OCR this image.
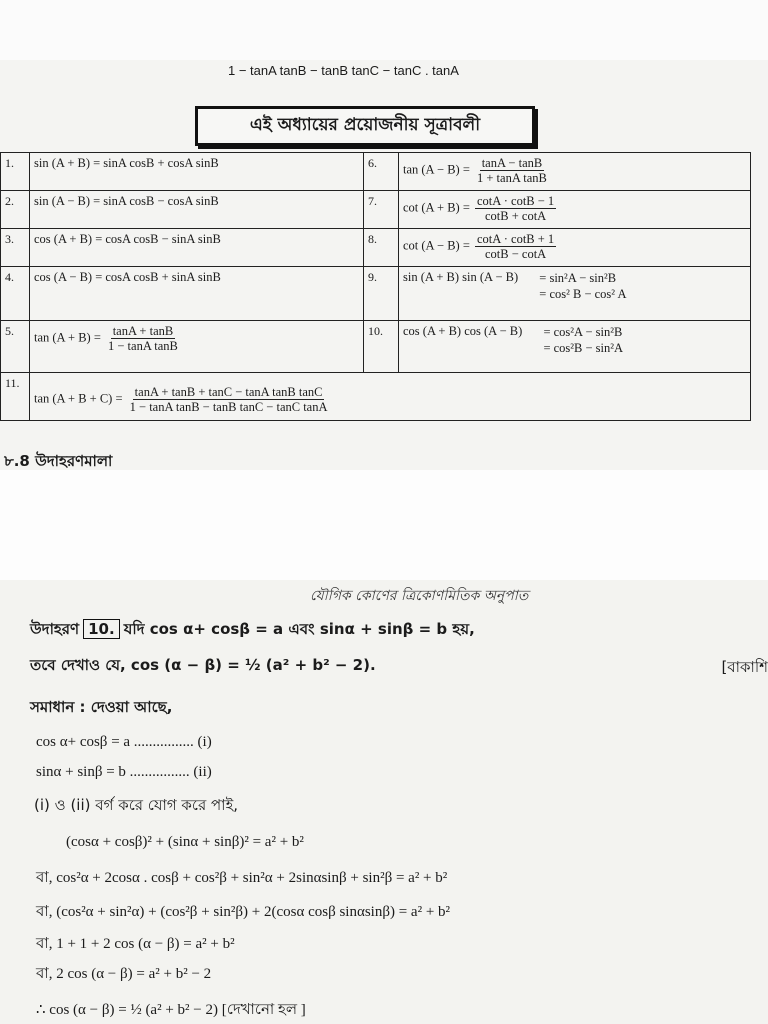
1 − tanA tanB − tanB tanC − tanC . tanA
এই অধ্যায়ের প্রয়োজনীয় সূত্রাবলী
1.	sin (A + B) = sinA cosB + cosA sinB	6.	$\tan (A - B) = \frac{\tan A - \tan B}{\text{1 + tanA tanB}}$

2.	sin (A − B) = sinA cosB − cosA sinB	7.	$\cot (A + B) = \frac{\cot A \cdot \cot B - 1}{\cot B + \cot A}$

3.	cos (A + B) = cosA cosB − sinA sinB	8.	$\cot (A - B) = \frac{\cot A \cdot \cot B + 1}{\cot B - \cot A}$

4.	cos (A − B) = cosA cosB + sinA sinB	9.	sin (A + B) sin (A − B) = sin²A − sin²B
= cos² B − cos² A
5.	$\tan (A + B) = \frac{\tan A + \tan B}{\text{1 − tanA tanB}}$	10.	cos (A + B) cos (A − B) = cos²A − sin²B
= cos²B − sin²A
11.	$\tan (A + B + C) = \frac{\text{tanA + tanB + tanC − tanA tanB tanC}}{\text{1 − tanA tanB − tanB tanC − tanC tanA}}$
৮.8 উদাহরণমালা
যৌগিক কোণের ত্রিকোণমিতিক অনুপাত
উদাহরণ 10. যদি cos α+ cosβ = a এবং sinα + sinβ = b হয়,
তবে দেখাও যে, cos (α − β) = ½ (a² + b² − 2).	[বাকাশি
সমাধান : দেওয়া আছে,
cos α+ cosβ = a ................ (i)
sinα + sinβ = b ................ (ii)
(i) ও (ii) বর্গ করে যোগ করে পাই,
(cosα + cosβ)² + (sinα + sinβ)² = a² + b²
বা, cos²α + 2cosα . cosβ + cos²β + sin²α + 2sinαsinβ + sin²β = a² + b²
বা, (cos²α + sin²α) + (cos²β + sin²β) + 2(cosα cosβ sinαsinβ) = a² + b²
বা, 1 + 1 + 2 cos (α − β) = a² + b²
বা, 2 cos (α − β) = a² + b² − 2
∴ cos (α − β) = ½ (a² + b² − 2) [দেখানো হল ]
